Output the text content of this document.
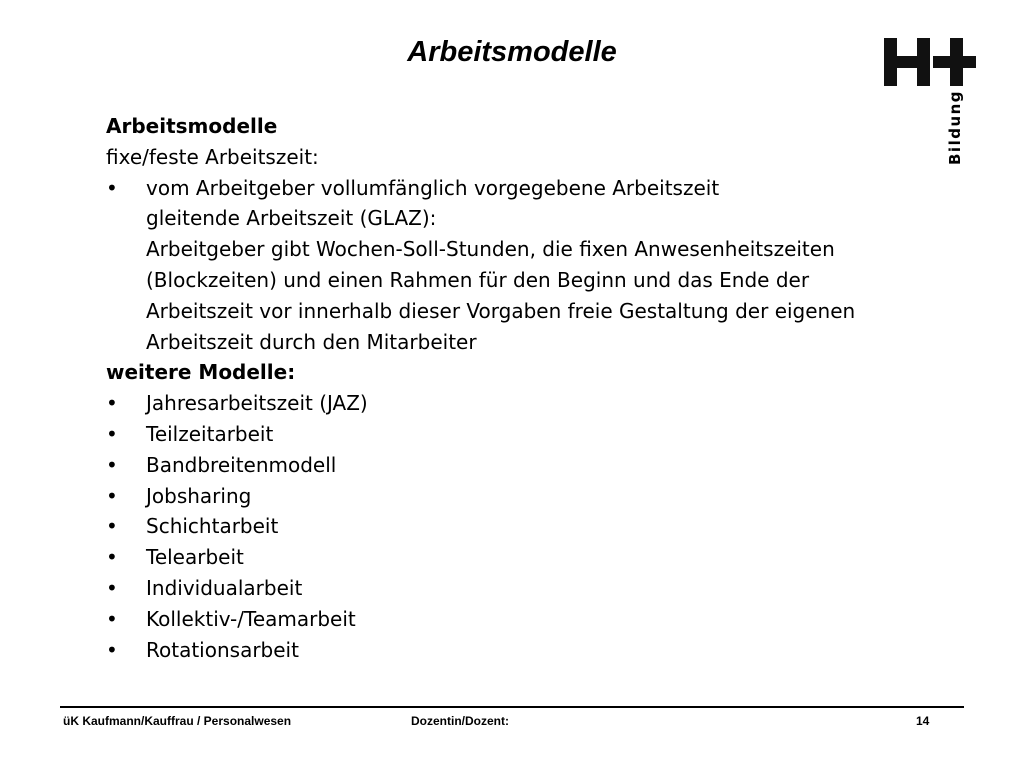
Arbeitsmodelle
Bildung
Arbeitsmodelle
fixe/feste Arbeitszeit:
•	vom Arbeitgeber vollumfänglich vorgegebene Arbeitszeit
gleitende Arbeitszeit (GLAZ):
Arbeitgeber gibt Wochen-Soll-Stunden, die fixen Anwesenheitszeiten
(Blockzeiten) und einen Rahmen für den Beginn und das Ende der
Arbeitszeit vor innerhalb dieser Vorgaben freie Gestaltung der eigenen
Arbeitszeit durch den Mitarbeiter
weitere Modelle:
•	Jahresarbeitszeit (JAZ)
•	Teilzeitarbeit
•	Bandbreitenmodell
•	Jobsharing
•	Schichtarbeit
•	Telearbeit
•	Individualarbeit
•	Kollektiv-/Teamarbeit
•	Rotationsarbeit
üK Kaufmann/Kauffrau / Personalwesen	Dozentin/Dozent:	14
